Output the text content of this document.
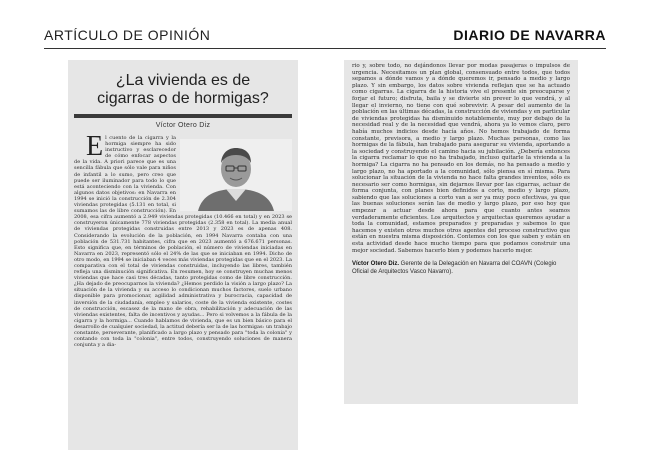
ARTÍCULO DE OPINIÓN	DIARIO DE NAVARRA
¿La vivienda es de cigarras o de hormigas?
Víctor Otero Diz
E l cuento de la cigarra y la hormiga siempre ha sido instructivo y esclarecedor de cómo enfocar aspectos de la vida. A priori parece que es una sencilla fábula que sólo vale para niños de infantil a lo sumo, pero creo que puede ser iluminador para todo lo que está aconteciendo con la vivienda. Con algunos datos objetivos: en Navarra en 1994 se inició la construcción de 2.304 viviendas protegidas (5.131 en total, si sumamos las de libre construcción). En 2008, esa cifra aumentó a 2.949 viviendas protegidas (10.466 en total) y en 2023 se construyeron únicamente 778 viviendas protegidas (2.358 en total). La media anual de viviendas protegidas construidas entre 2013 y 2023 es de apenas 408. Considerando la evolución de la población, en 1994 Navarra contaba con una población de 531.731 habitantes, cifra que en 2023 aumentó a 676.671 personas. Esto significa que, en términos de población, el número de viviendas iniciadas en Navarra en 2023, representó sólo el 24% de las que se iniciaban en 1994. Dicho de otro modo, en 1994 se iniciaban 4 veces más viviendas protegidas que en el 2023. La comparativa con el total de viviendas construidas, incluyendo las libres, también refleja una disminución significativa. En resumen, hoy se construyen muchas menos viviendas que hace casi tres décadas, tanto protegidas como de libre construcción. ¿Ha dejado de preocuparnos la vivienda? ¿Hemos perdido la visión a largo plazo? La situación de la vivienda y su acceso lo condicionan muchos factores, suelo urbano disponible para promocionar, agilidad administrativa y burocracia, capacidad de inversión de la ciudadanía, empleo y salarios, coste de la vivienda existente, costes de construcción, escasez de la mano de obra, rehabilitación y adecuación de las viviendas existentes, falta de incentivos y ayudas... Pero si volvemos a la fábula de la cigarra y la hormiga... Cuando hablamos de vivienda, que es un bien básico para el desarrollo de cualquier sociedad, la actitud debería ser la de las hormigas: un trabajo constante, perseverante, planificado a largo plazo y pensado para "toda la colonia" y contando con toda la "colonia", entre todos, construyendo soluciones de manera conjunta y a dia-
rio y, sobre todo, no dejándonos llevar por modas pasajeras o impulsos de urgencia. Necesitamos un plan global, consensuado entre todos, que todos sepamos a dónde vamos y a dónde queremos ir, pensado a medio y largo plazo. Y sin embargo, los datos sobre vivienda reflejan que se ha actuado como cigarras. La cigarra de la historia vive el presente sin preocuparse y forjar el futuro; disfruta, baila y se divierte sin prever lo que vendrá, y al llegar el invierno, no tiene con qué sobrevivir. A pesar del aumento de la población en las últimas décadas, la construcción de viviendas y en particular de viviendas protegidas ha disminuido notablemente, muy por debajo de la necesidad real y de la necesidad que vendrá, ahora ya lo vemos claro, pero había muchos indicios desde hacía años. No hemos trabajado de forma constante, previsora, a medio y largo plazo. Muchas personas, como las hormigas de la fábula, han trabajado para asegurar su vivienda, aportando a la sociedad y construyendo el camino hacia su jubilación. ¿Debería entonces la cigarra reclamar lo que no ha trabajado, incluso quitarle la vivienda a la hormiga? La cigarra no ha pensado en los demás, no ha pensado a medio y largo plazo, no ha aportado a la comunidad, sólo piensa en sí misma. Para solucionar la situación de la vivienda no hace falta grandes inventos, sólo es necesario ser como hormigas, sin dejarnos llevar por las cigarras, actuar de forma conjunta, con planes bien definidos a corto, medio y largo plazo, sabiendo que las soluciones a corto van a ser ya muy poco efectivas, ya que las buenas soluciones serán las de medio y largo plazo, por eso hoy que empezar a actuar desde ahora para que cuanto antes seamos verdaderamente eficientes. Los arquitectos y arquitectas queremos ayudar a toda la comunidad, estamos preparados y preparadas y sabemos lo que hacemos y existen otros muchos otros agentes del proceso constructivo que están en nuestra misma disposición. Contemos con los que saben y están en esta actividad desde hace mucho tiempo para que podamos construir una mejor sociedad. Sabemos hacerlo bien y podemos hacerlo mejor.
Víctor Otero Diz. Gerente de la Delegación en Navarra del COAVN (Colegio Oficial de Arquitectos Vasco Navarro).
